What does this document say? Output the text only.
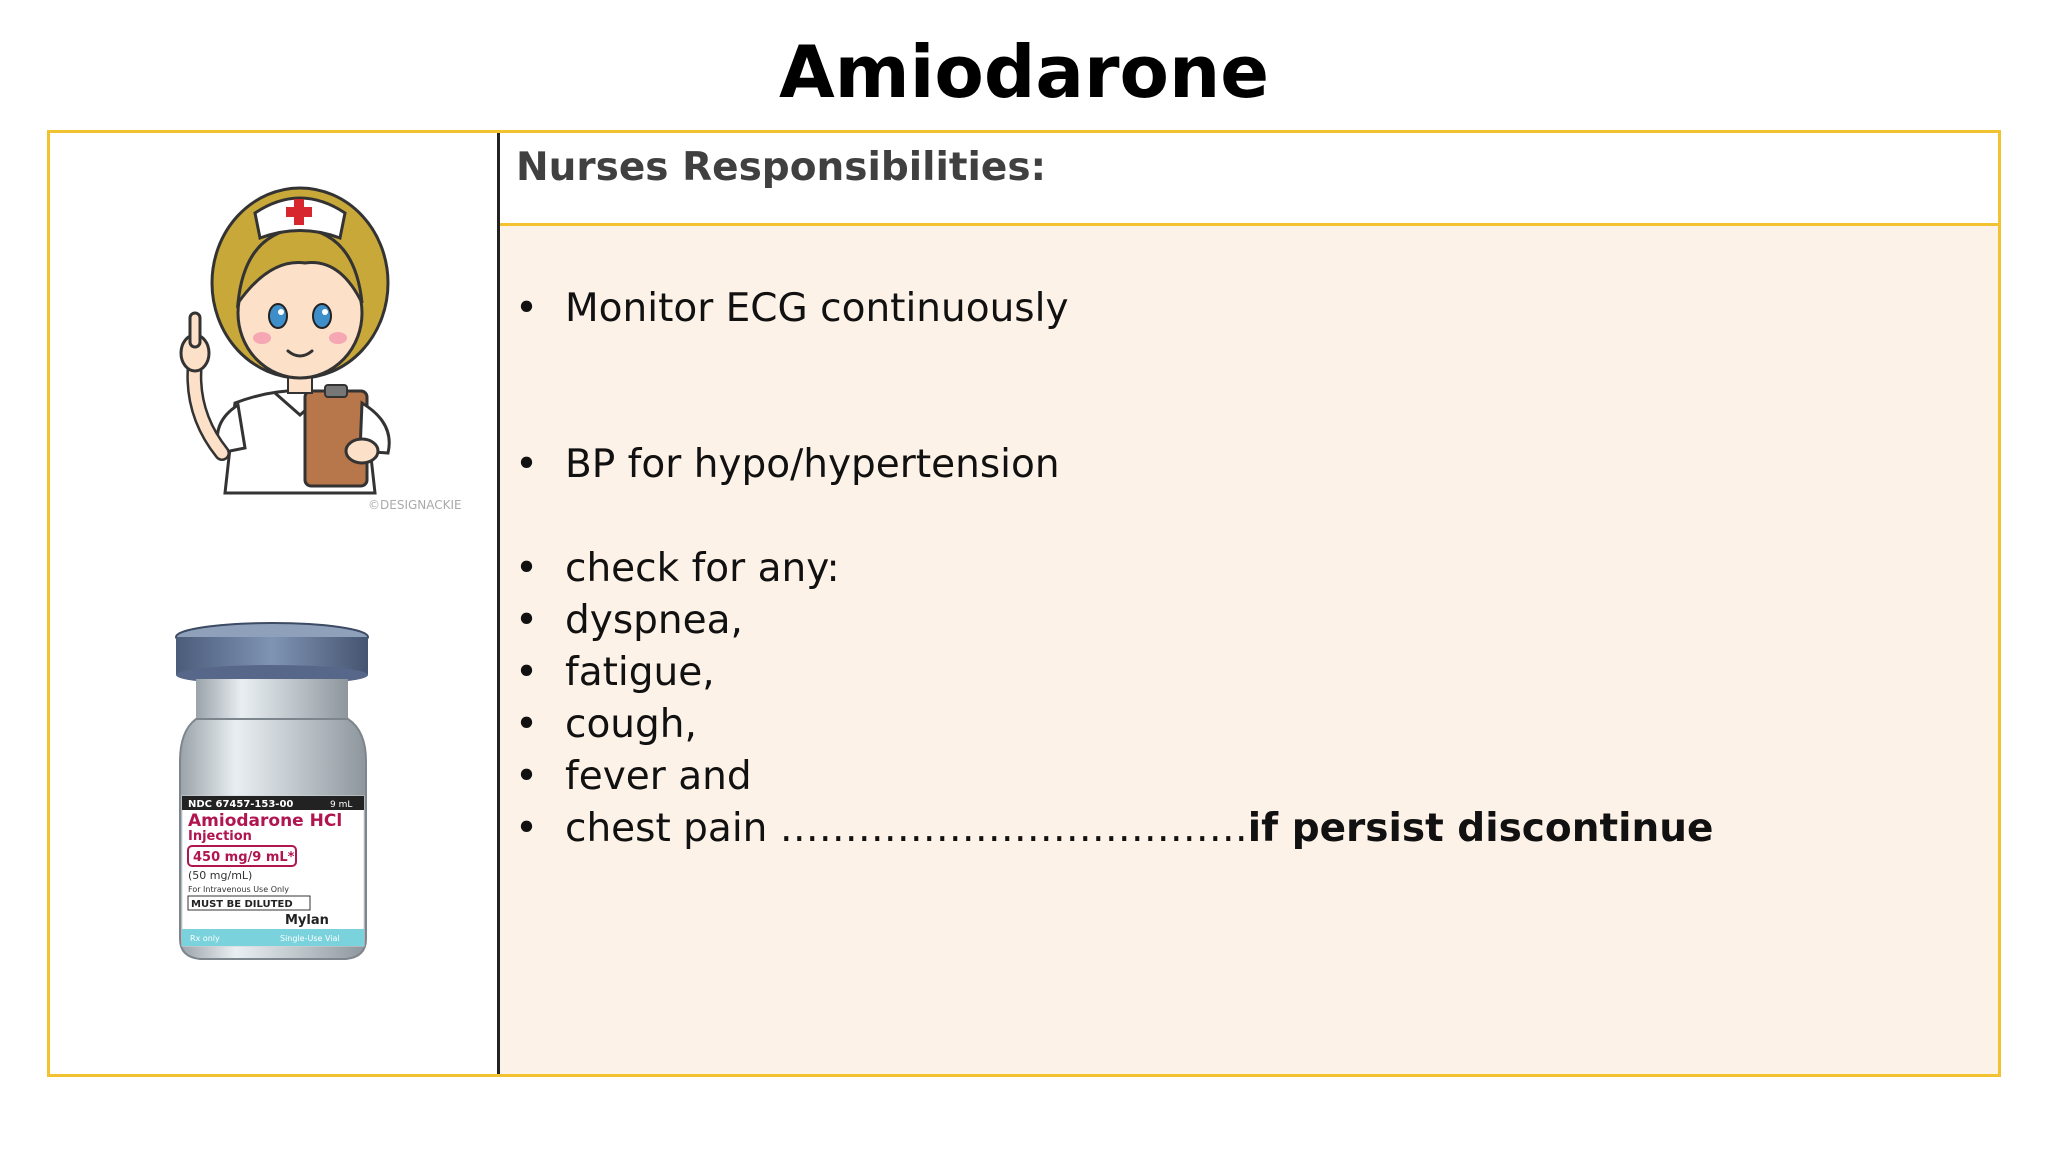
Amiodarone
©DESIGNACKIE
NDC 67457-153-00	9 mL
Amiodarone HCl
Injection
450 mg/9 mL*
(50 mg/mL)
For Intravenous Use Only
MUST BE DILUTED
Mylan
Rx only	Single-Use Vial
Nurses Responsibilities:
• Monitor ECG continuously
• BP for hypo/hypertension
• check for any:
• dyspnea,
• fatigue,
• cough,
• fever and
• chest pain ………………………………if persist discontinue
